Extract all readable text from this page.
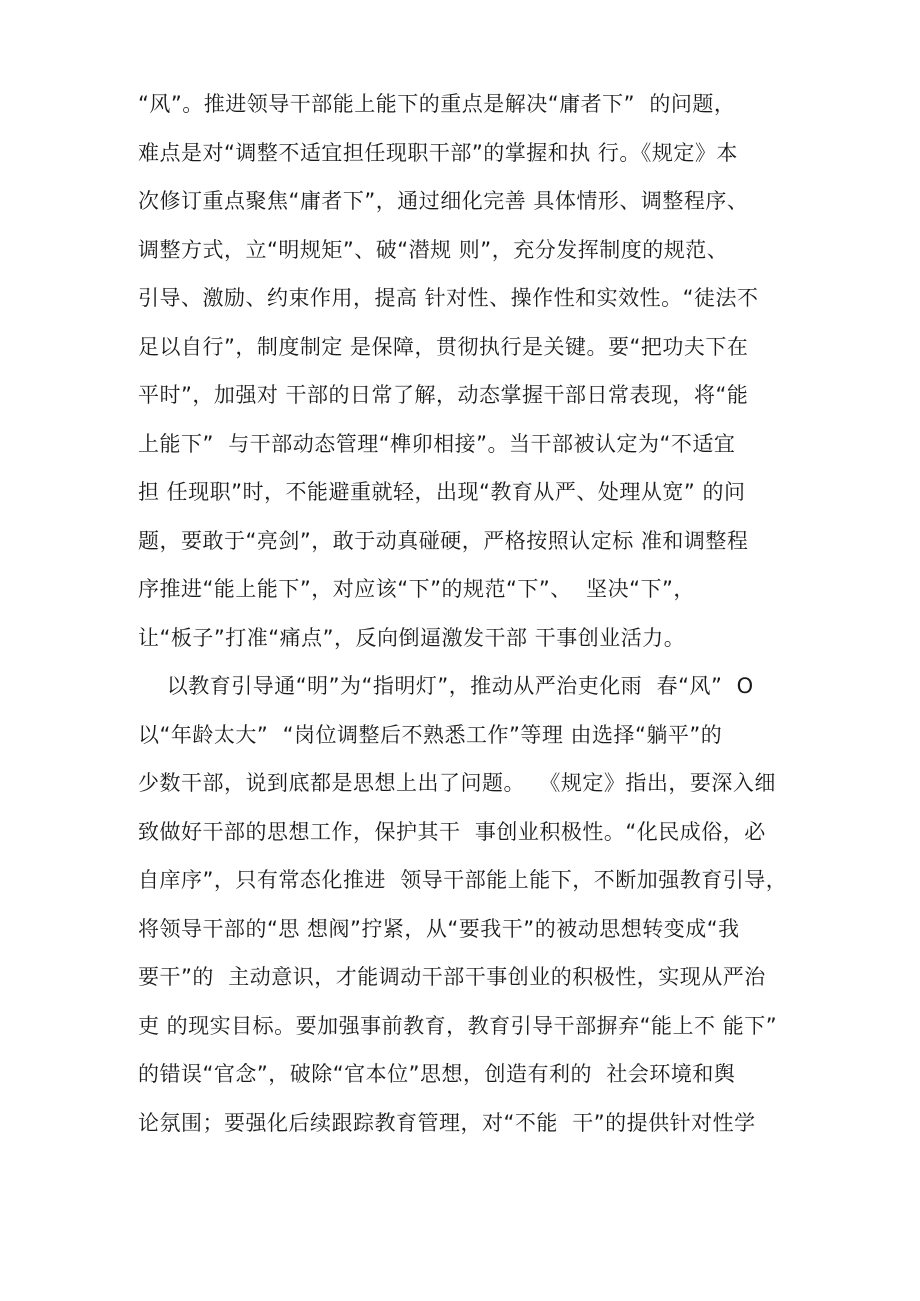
“风”。推进领导干部能上能下的重点是解决“庸者下”  的问题，
难点是对“调整不适宜担任现职干部”的掌握和执 行。《规定》本
次修订重点聚焦“庸者下”，通过细化完善 具体情形、调整程序、
调整方式，立“明规矩”、破“潜规 则”，充分发挥制度的规范、
引导、激励、约束作用，提高 针对性、操作性和实效性。“徒法不
足以自行”，制度制定 是保障，贯彻执行是关键。要“把功夫下在
平时”，加强对 干部的日常了解，动态掌握干部日常表现，将“能
上能下”  与干部动态管理“榫卯相接”。当干部被认定为“不适宜
担 任现职”时，不能避重就轻，出现“教育从严、处理从宽” 的问
题，要敢于“亮剑”，敢于动真碰硬，严格按照认定标 准和调整程
序推进“能上能下”，对应该“下”的规范“下”、  坚决“下”，
让“板子”打准“痛点”，反向倒逼激发干部 干事创业活力。
以教育引导通“明”为“指明灯”，推动从严治吏化雨  春“风”  O
以“年龄太大”  “岗位调整后不熟悉工作”等理 由选择“躺平”的
少数干部，说到底都是思想上出了问题。  《规定》指出，要深入细
致做好干部的思想工作，保护其干  事创业积极性。“化民成俗，必
自庠序”，只有常态化推进  领导干部能上能下，不断加强教育引导，
将领导干部的“思 想阀”拧紧，从“要我干”的被动思想转变成“我
要干”的  主动意识，才能调动干部干事创业的积极性，实现从严治
吏 的现实目标。要加强事前教育，教育引导干部摒弃“能上不 能下”
的错误“官念”，破除“官本位”思想，创造有利的  社会环境和舆
论氛围；要强化后续跟踪教育管理，对“不能  干”的提供针对性学
